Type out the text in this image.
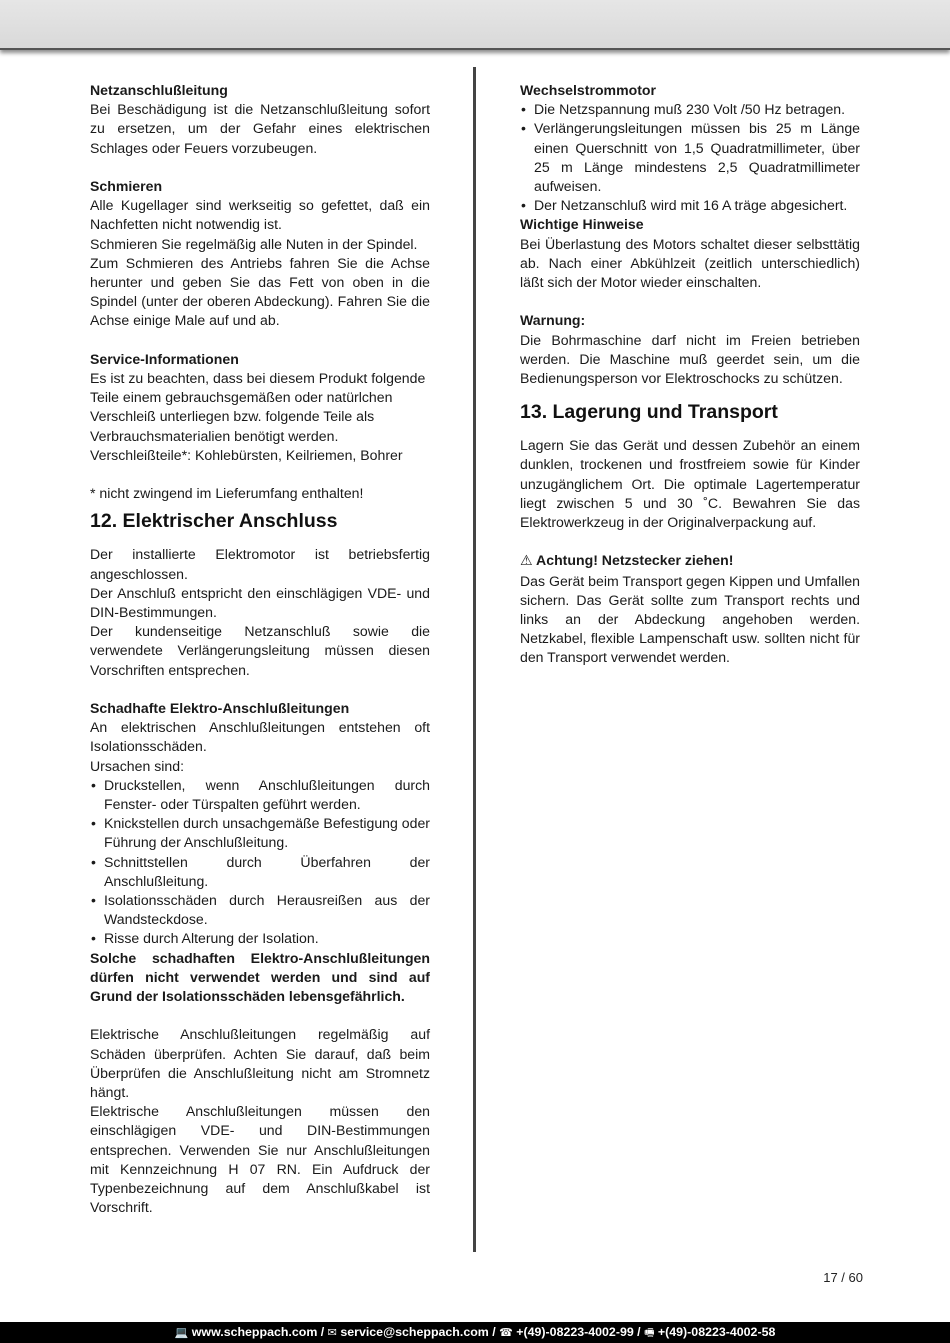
Netzanschlußleitung

Bei Beschädigung ist die Netzanschlußleitung sofort zu ersetzen, um der Gefahr eines elektrischen Schlages oder Feuers vorzubeugen.

Schmieren

Alle Kugellager sind werkseitig so gefettet, daß ein Nachfetten nicht notwendig ist.

Schmieren Sie regelmäßig alle Nuten in der Spindel.

Zum Schmieren des Antriebs fahren Sie die Achse herunter und geben Sie das Fett von oben in die Spindel (unter der oberen Abdeckung). Fahren Sie die Achse einige Male auf und ab.

Service-Informationen

Es ist zu beachten, dass bei diesem Produkt folgende Teile einem gebrauchsgemäßen oder natürlchen Verschleiß unterliegen bzw. folgende Teile als Verbrauchsmaterialien benötigt werden.

Verschleißteile*: Kohlebürsten, Keilriemen, Bohrer

* nicht zwingend im Lieferumfang enthalten!

12. Elektrischer Anschluss

Der installierte Elektromotor ist betriebsfertig angeschlossen.

Der Anschluß entspricht den einschlägigen VDE- und DIN-Bestimmungen.

Der kundenseitige Netzanschluß sowie die verwendete Verlängerungsleitung müssen diesen Vorschriften entsprechen.

Schadhafte Elektro-Anschlußleitungen

An elektrischen Anschlußleitungen entstehen oft Isolationsschäden.

Ursachen sind:

• Druckstellen, wenn Anschlußleitungen durch Fenster- oder Türspalten geführt werden.
• Knickstellen durch unsachgemäße Befestigung oder Führung der Anschlußleitung.
• Schnittstellen durch Überfahren der Anschlußleitung.
• Isolationsschäden durch Herausreißen aus der Wandsteckdose.
• Risse durch Alterung der Isolation.

Solche schadhaften Elektro-Anschlußleitungen dürfen nicht verwendet werden und sind auf Grund der Isolationsschäden lebensgefährlich.

Elektrische Anschlußleitungen regelmäßig auf Schäden überprüfen. Achten Sie darauf, daß beim Überprüfen die Anschlußleitung nicht am Stromnetz hängt.

Elektrische Anschlußleitungen müssen den einschlägigen VDE- und DIN-Bestimmungen entsprechen. Verwenden Sie nur Anschlußleitungen mit Kennzeichnung H 07 RN. Ein Aufdruck der Typenbezeichnung auf dem Anschlußkabel ist Vorschrift.

Wechselstrommotor

• Die Netzspannung muß 230 Volt /50 Hz betragen.
• Verlängerungsleitungen müssen bis 25 m Länge einen Querschnitt von 1,5 Quadratmillimeter, über 25 m Länge mindestens 2,5 Quadratmillimeter aufweisen.
• Der Netzanschluß wird mit 16 A träge abgesichert.

Wichtige Hinweise

Bei Überlastung des Motors schaltet dieser selbsttätig ab. Nach einer Abkühlzeit (zeitlich unterschiedlich) läßt sich der Motor wieder einschalten.

Warnung:

Die Bohrmaschine darf nicht im Freien betrieben werden. Die Maschine muß geerdet sein, um die Bedienungsperson vor Elektroschocks zu schützen.

13. Lagerung und Transport

Lagern Sie das Gerät und dessen Zubehör an einem dunklen, trockenen und frostfreiem sowie für Kinder unzugänglichem Ort. Die optimale Lagertemperatur liegt zwischen 5 und 30 ˚C. Bewahren Sie das Elektrowerkzeug in der Originalverpackung auf.

⚠ Achtung! Netzstecker ziehen!

Das Gerät beim Transport gegen Kippen und Umfallen sichern. Das Gerät sollte zum Transport rechts und links an der Abdeckung angehoben werden. Netzkabel, flexible Lampenschaft usw. sollten nicht für den Transport verwendet werden.

17 / 60
💻 www.scheppach.com / ✉ service@scheppach.com / ☎ +(49)-08223-4002-99 / 🖷 +(49)-08223-4002-58
